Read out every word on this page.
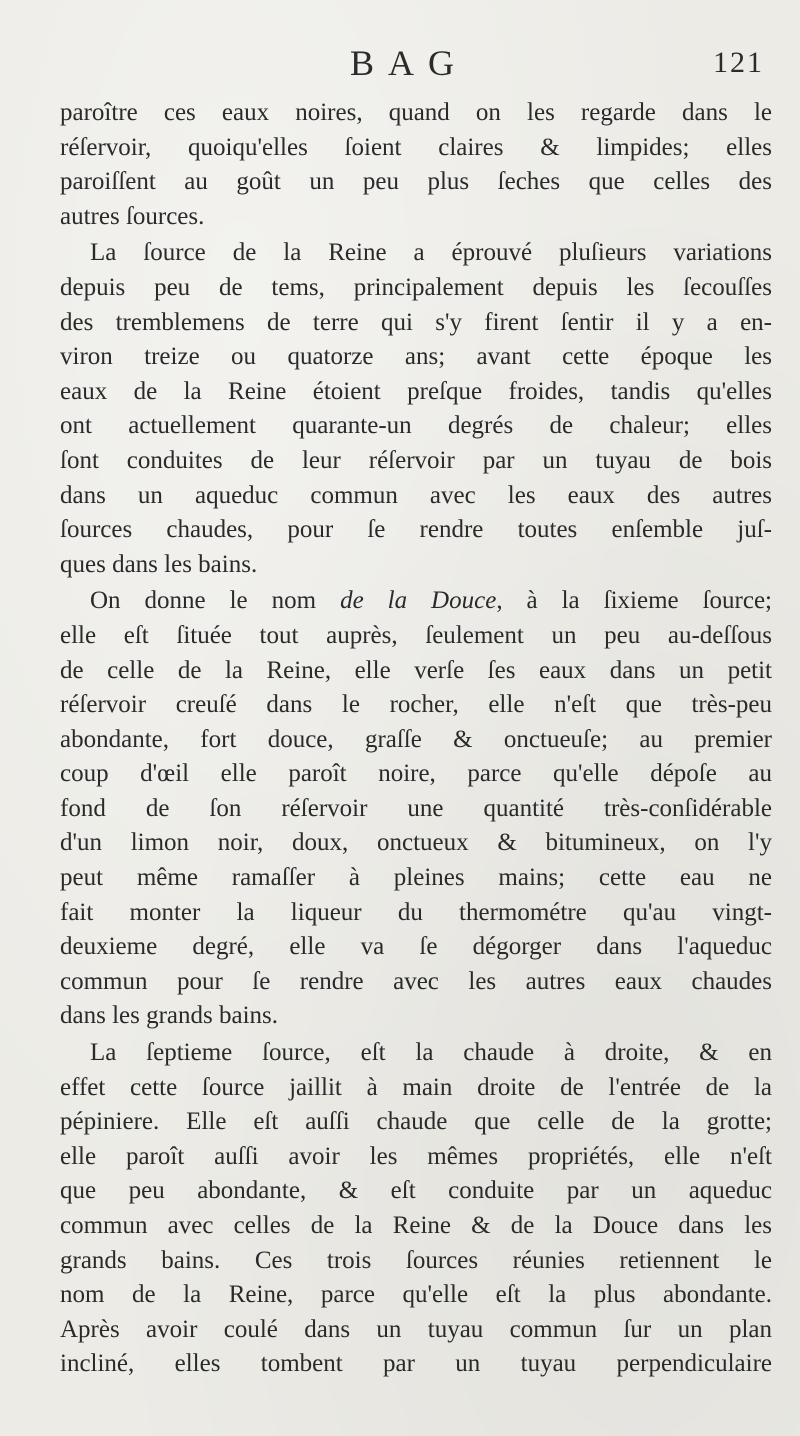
BAG	121
paroître ces eaux noires, quand on les regarde dans le
réſervoir, quoiqu'elles ſoient claires & limpides; elles
paroiſſent au goût un peu plus ſeches que celles des
autres ſources.
La ſource de la Reine a éprouvé pluſieurs variations
depuis peu de tems, principalement depuis les ſecouſſes
des tremblemens de terre qui s'y firent ſentir il y a en-
viron treize ou quatorze ans; avant cette époque les
eaux de la Reine étoient preſque froides, tandis qu'elles
ont actuellement quarante-un degrés de chaleur; elles
ſont conduites de leur réſervoir par un tuyau de bois
dans un aqueduc commun avec les eaux des autres
ſources chaudes, pour ſe rendre toutes enſemble juſ-
ques dans les bains.
On donne le nom de la Douce, à la ſixieme ſource;
elle eſt ſituée tout auprès, ſeulement un peu au-deſſous
de celle de la Reine, elle verſe ſes eaux dans un petit
réſervoir creuſé dans le rocher, elle n'eſt que très-peu
abondante, fort douce, graſſe & onctueuſe; au premier
coup d'œil elle paroît noire, parce qu'elle dépoſe au
fond de ſon réſervoir une quantité très-conſidérable
d'un limon noir, doux, onctueux & bitumineux, on l'y
peut même ramaſſer à pleines mains; cette eau ne
fait monter la liqueur du thermométre qu'au vingt-
deuxieme degré, elle va ſe dégorger dans l'aqueduc
commun pour ſe rendre avec les autres eaux chaudes
dans les grands bains.
La ſeptieme ſource, eſt la chaude à droite, & en
effet cette ſource jaillit à main droite de l'entrée de la
pépiniere. Elle eſt auſſi chaude que celle de la grotte;
elle paroît auſſi avoir les mêmes propriétés, elle n'eſt
que peu abondante, & eſt conduite par un aqueduc
commun avec celles de la Reine & de la Douce dans les
grands bains. Ces trois ſources réunies retiennent le
nom de la Reine, parce qu'elle eſt la plus abondante.
Après avoir coulé dans un tuyau commun ſur un plan
incliné, elles tombent par un tuyau perpendiculaire
